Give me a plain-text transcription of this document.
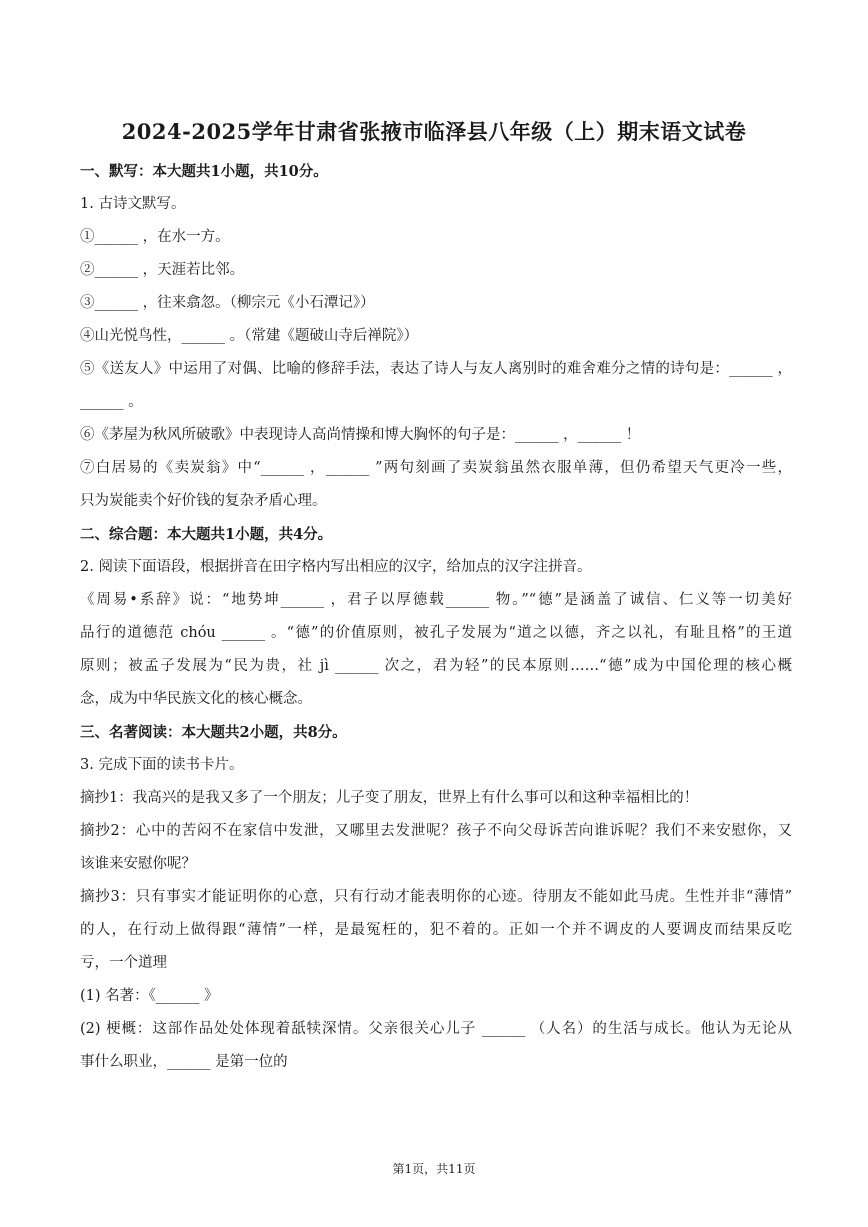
2024-2025学年甘肃省张掖市临泽县八年级（上）期末语文试卷
一、默写：本大题共1小题，共10分。
1. 古诗文默写。
①______ ，在水一方。
②______ ，天涯若比邻。
③______ ，往来翕忽。（柳宗元《小石潭记》）
④山光悦鸟性，______ 。（常建《题破山寺后禅院》）
⑤《送友人》中运用了对偶、比喻的修辞手法，表达了诗人与友人离别时的难舍难分之情的诗句是：______ ，
______ 。
⑥《茅屋为秋风所破歌》中表现诗人高尚情操和博大胸怀的句子是：______ ，______ ！
⑦白居易的《卖炭翁》中“______ ，______ ”两句刻画了卖炭翁虽然衣服单薄，但仍希望天气更冷一些，
只为炭能卖个好价钱的复杂矛盾心理。
二、综合题：本大题共1小题，共4分。
2. 阅读下面语段，根据拼音在田字格内写出相应的汉字，给加点的汉字注拼音。
《周易•系辞》说：“地势坤______ ，君子以厚德载______ 物。”“德”是涵盖了诚信、仁义等一切美好
品行的道德范 chóu ______ 。“德”的价值原则，被孔子发展为“道之以德，齐之以礼，有耻且格”的王道
原则；被孟子发展为“民为贵，社 jì ______ 次之，君为轻”的民本原则……“德”成为中国伦理的核心概
念，成为中华民族文化的核心概念。
三、名著阅读：本大题共2小题，共8分。
3. 完成下面的读书卡片。
摘抄1：我高兴的是我又多了一个朋友；儿子变了朋友，世界上有什么事可以和这种幸福相比的！
摘抄2：心中的苦闷不在家信中发泄，又哪里去发泄呢？孩子不向父母诉苦向谁诉呢？我们不来安慰你，又
该谁来安慰你呢？
摘抄3：只有事实才能证明你的心意，只有行动才能表明你的心迹。待朋友不能如此马虎。生性并非“薄情”
的人，在行动上做得跟“薄情”一样，是最冤枉的，犯不着的。正如一个并不调皮的人要调皮而结果反吃
亏，一个道理
(1) 名著：《______ 》
(2) 梗概：这部作品处处体现着舐犊深情。父亲很关心儿子 ______ （人名）的生活与成长。他认为无论从
事什么职业，______ 是第一位的
第1页，共11页
